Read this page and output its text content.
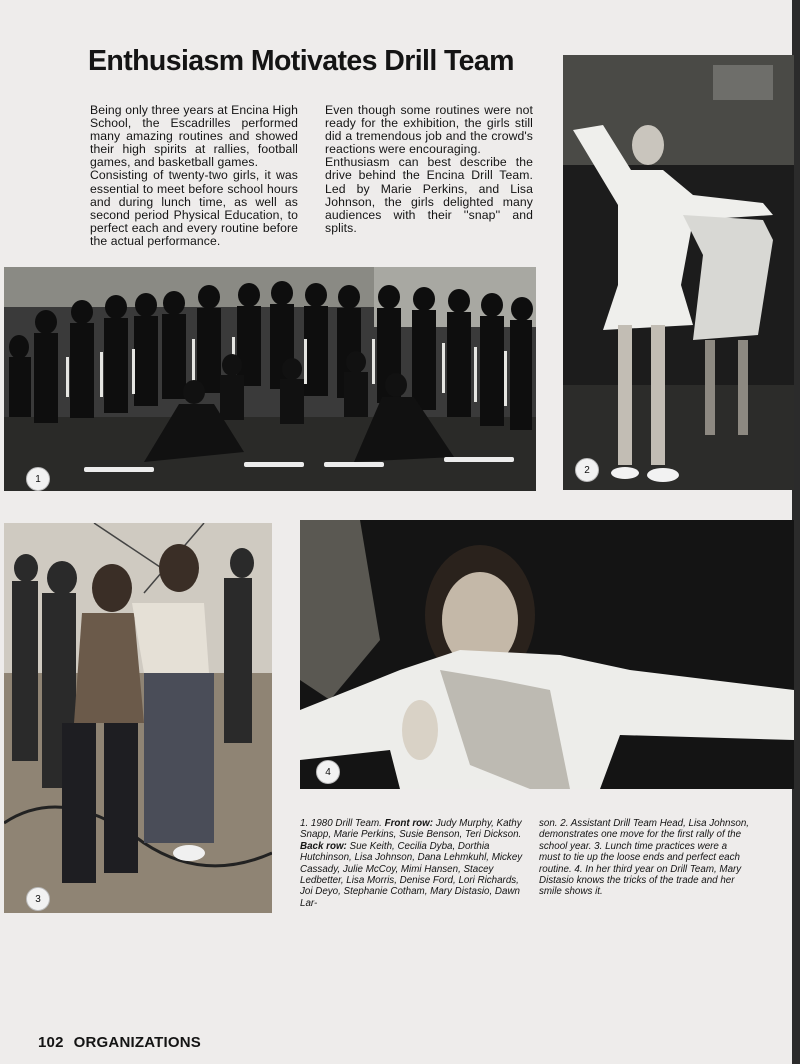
Enthusiasm Motivates Drill Team

Being only three years at Encina High School, the Escadrilles performed many amazing routines and showed their high spirits at rallies, football games, and basketball games.
Consisting of twenty-two girls, it was essential to meet before school hours and during lunch time, as well as second period Physical Education, to perfect each and every routine before the actual performance.

Even though some routines were not ready for the exhibition, the girls still did a tremendous job and the crowd's reactions were encouraging.
Enthusiasm can best describe the drive behind the Encina Drill Team. Led by Marie Perkins, and Lisa Johnson, the girls delighted many audiences with their ''snap'' and splits.

1
2
3
4

1. 1980 Drill Team. Front row: Judy Murphy, Kathy Snapp, Marie Perkins, Susie Benson, Teri Dickson. Back row: Sue Keith, Cecilia Dyba, Dorthia Hutchinson, Lisa Johnson, Dana Lehmkuhl, Mickey Cassady, Julie McCoy, Mimi Hansen, Stacey Ledbetter, Lisa Morris, Denise Ford, Lori Richards, Joi Deyo, Stephanie Cotham, Mary Distasio, Dawn Lar-

son. 2. Assistant Drill Team Head, Lisa Johnson, demonstrates one move for the first rally of the school year. 3. Lunch time practices were a must to tie up the loose ends and perfect each routine. 4. In her third year on Drill Team, Mary Distasio knows the tricks of the trade and her smile shows it.

102 ORGANIZATIONS
